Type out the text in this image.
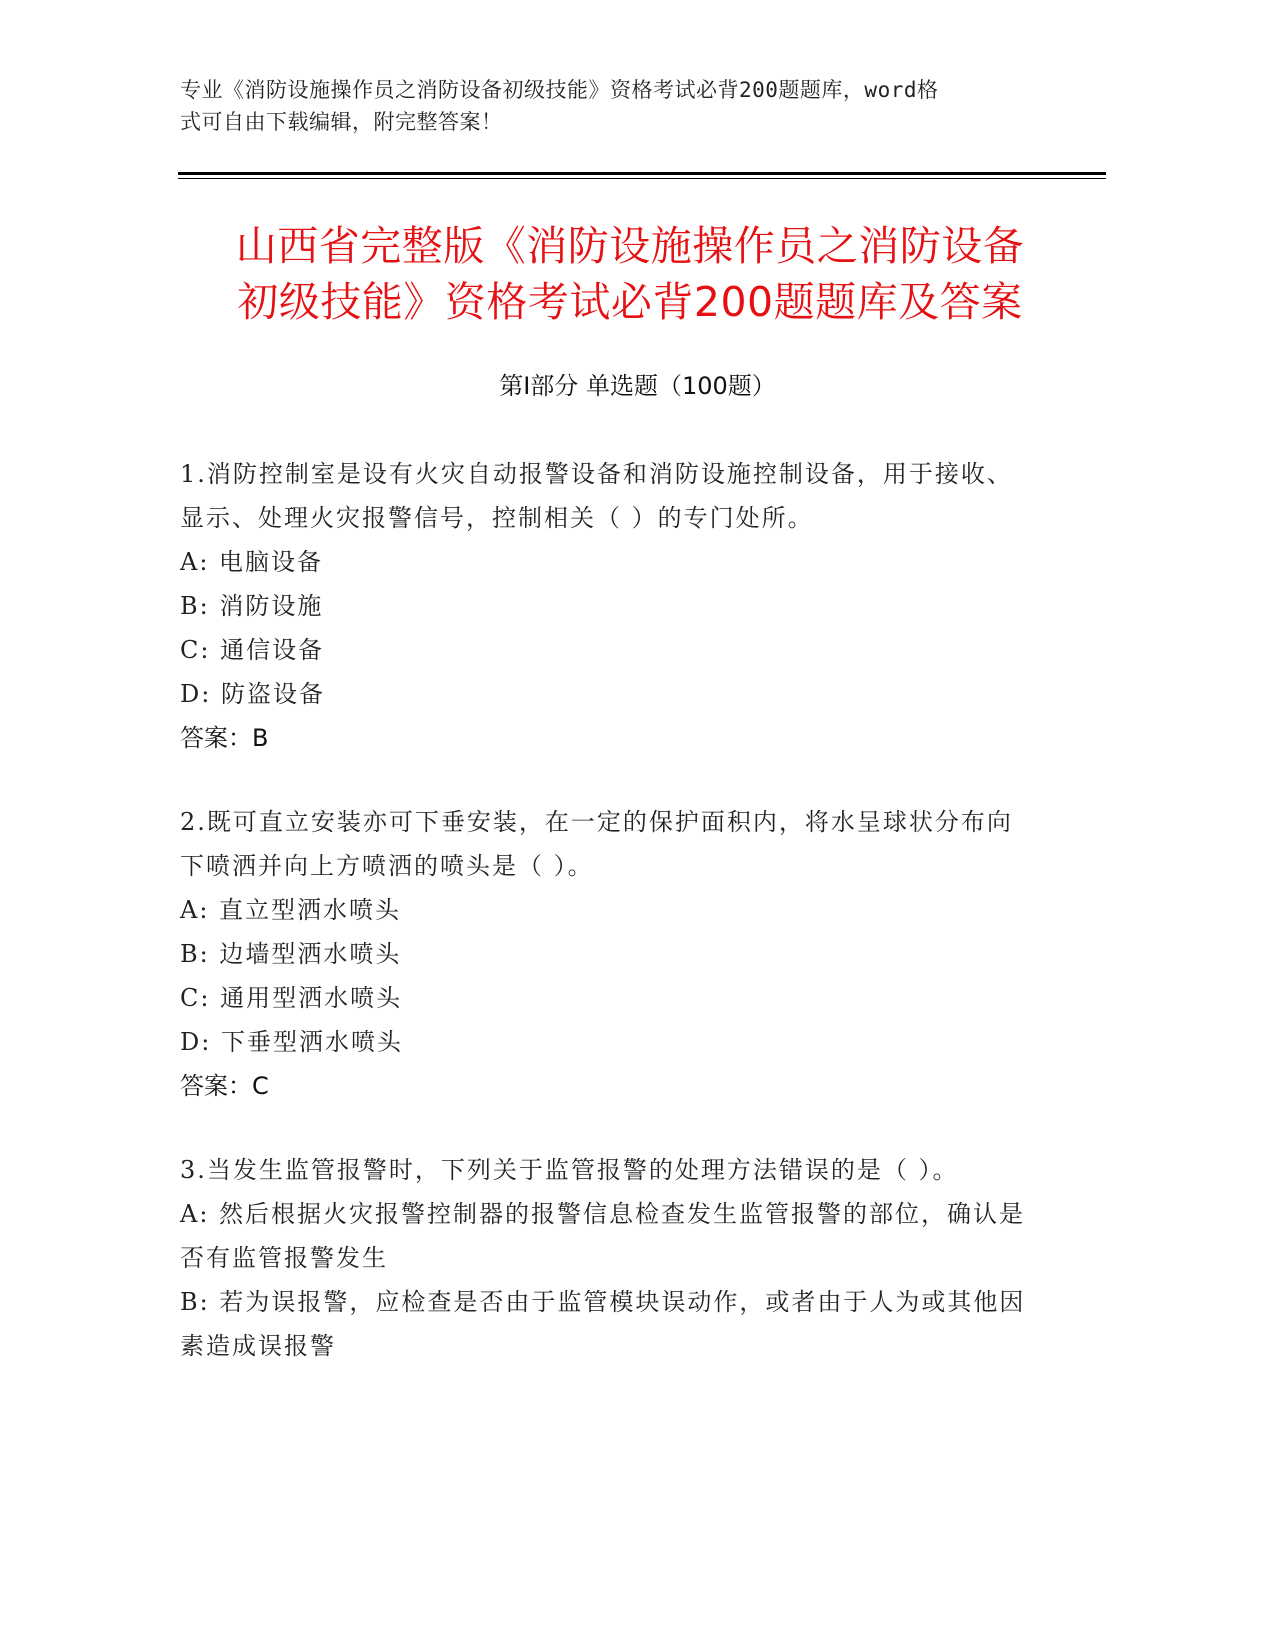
专业《消防设施操作员之消防设备初级技能》资格考试必背200题题库，word格
式可自由下载编辑，附完整答案！
山西省完整版《消防设施操作员之消防设备
初级技能》资格考试必背200题题库及答案
第Ⅰ部分 单选题（100题）
1.消防控制室是设有火灾自动报警设备和消防设施控制设备，用于接收、显示、处理火灾报警信号，控制相关（ ）的专门处所。
A: 电脑设备
B: 消防设施
C: 通信设备
D: 防盗设备
答案：B
2.既可直立安装亦可下垂安装，在一定的保护面积内，将水呈球状分布向下喷洒并向上方喷洒的喷头是（ ）。
A: 直立型洒水喷头
B: 边墙型洒水喷头
C: 通用型洒水喷头
D: 下垂型洒水喷头
答案：C
3.当发生监管报警时，下列关于监管报警的处理方法错误的是（ ）。
A: 然后根据火灾报警控制器的报警信息检查发生监管报警的部位，确认是否有监管报警发生
B: 若为误报警，应检查是否由于监管模块误动作，或者由于人为或其他因素造成误报警
